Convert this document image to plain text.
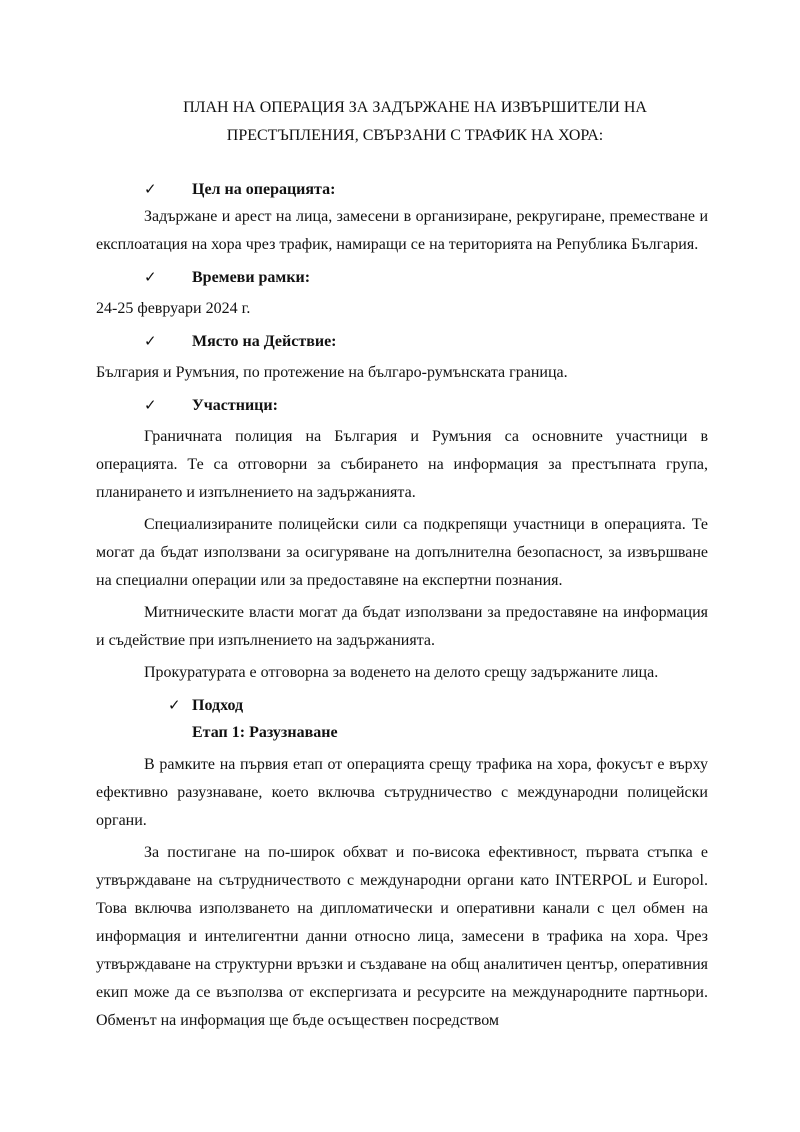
ПЛАН НА ОПЕРАЦИЯ ЗА ЗАДЪРЖАНЕ НА ИЗВЪРШИТЕЛИ НА
ПРЕСТЪПЛЕНИЯ, СВЪРЗАНИ С ТРАФИК НА ХОРА:
✓	Цел на операцията:

Задържане и арест на лица, замесени в организиране, рекругиране, преместване и експлоатация на хора чрез трафик, намиращи се на територията на Република България.

✓	Времеви рамки:

24-25 февруари 2024 г.

✓	Място на Действие:

България и Румъния, по протежение на българо-румънската граница.

✓	Участници:

Граничната полиция на България и Румъния са основните участници в операцията. Те са отговорни за събирането на информация за престъпната група, планирането и изпълнението на задържанията.

Специализираните полицейски сили са подкрепящи участници в операцията. Те могат да бъдат използвани за осигуряване на допълнителна безопасност, за извършване на специални операции или за предоставяне на експертни познания.

Митническите власти могат да бъдат използвани за предоставяне на информация и съдействие при изпълнението на задържанията.

Прокуратурата е отговорна за воденето на делото срещу задържаните лица.

✓ Подход
Етап 1: Разузнаване

В рамките на първия етап от операцията срещу трафика на хора, фокусът е върху ефективно разузнаване, което включва сътрудничество с международни полицейски органи.

За постигане на по-широк обхват и по-висока ефективност, първата стъпка е утвърждаване на сътрудничеството с международни органи като INTERPOL и Europol. Това включва използването на дипломатически и оперативни канали с цел обмен на информация и интелигентни данни относно лица, замесени в трафика на хора. Чрез утвърждаване на структурни връзки и създаване на общ аналитичен център, оперативния екип може да се възползва от експергизата и ресурсите на международните партньори. Обменът на информация ще бъде осъществен посредством
